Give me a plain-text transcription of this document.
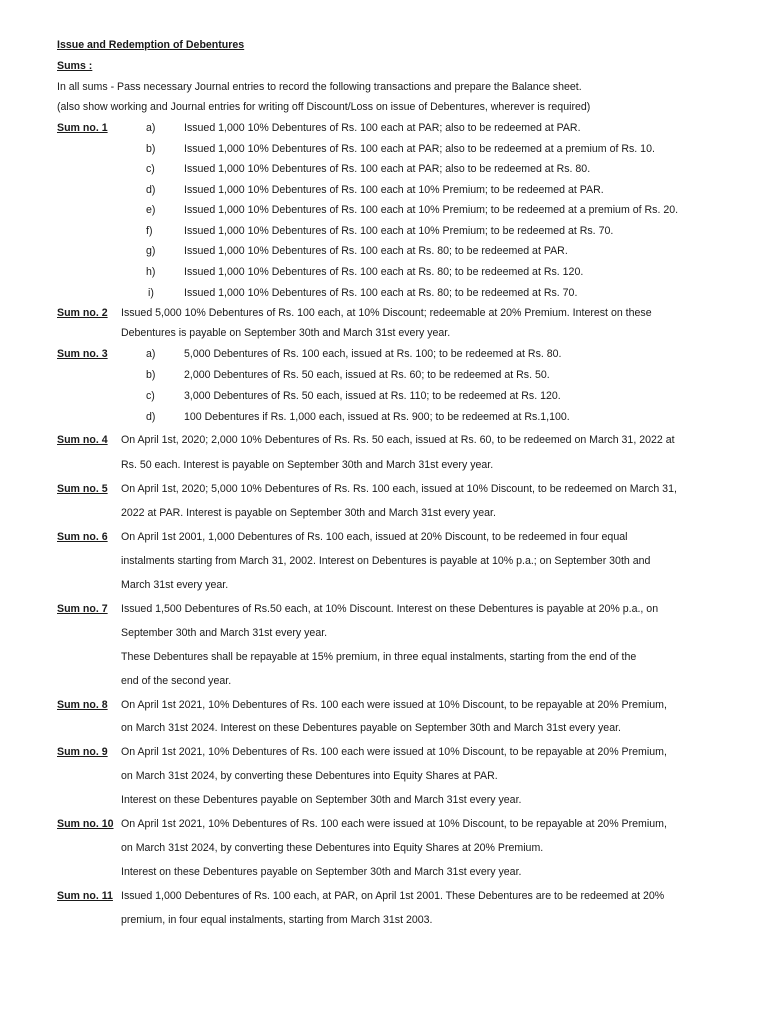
Issue and Redemption of Debentures
Sums :
In all sums - Pass necessary Journal entries to record the following transactions and prepare the Balance sheet.
(also show working and Journal entries for writing off Discount/Loss on issue of Debentures, wherever is required)
Sum no. 1	a)	Issued 1,000 10% Debentures of Rs. 100 each at PAR; also to be redeemed at PAR.
b)	Issued 1,000 10% Debentures of Rs. 100 each at PAR; also to be redeemed at a premium of Rs. 10.
c)	Issued 1,000 10% Debentures of Rs. 100 each at PAR; also to be redeemed at Rs. 80.
d)	Issued 1,000 10% Debentures of Rs. 100 each at 10% Premium; to be redeemed at PAR.
e)	Issued 1,000 10% Debentures of Rs. 100 each at 10% Premium; to be redeemed at a premium of Rs. 20.
f)	Issued 1,000 10% Debentures of Rs. 100 each at 10% Premium; to be redeemed at Rs. 70.
g)	Issued 1,000 10% Debentures of Rs. 100 each at Rs. 80; to be redeemed at PAR.
h)	Issued 1,000 10% Debentures of Rs. 100 each at Rs. 80; to be redeemed at Rs. 120.
i)	Issued 1,000 10% Debentures of Rs. 100 each at Rs. 80; to be redeemed at Rs. 70.
Sum no. 2 Issued 5,000 10% Debentures of Rs. 100 each, at 10% Discount; redeemable at 20% Premium. Interest on these
Debentures is payable on September 30th and March 31st every year.
Sum no. 3	a)	5,000 Debentures of Rs. 100 each, issued at Rs. 100; to be redeemed at Rs. 80.
b)	2,000 Debentures of Rs. 50 each, issued at Rs. 60; to be redeemed at Rs. 50.
c)	3,000 Debentures of Rs. 50 each, issued at Rs. 110; to be redeemed at Rs. 120.
d)	100 Debentures if Rs. 1,000 each, issued at Rs. 900; to be redeemed at Rs.1,100.
Sum no. 4 On April 1st, 2020; 2,000 10% Debentures of Rs. Rs. 50 each, issued at Rs. 60, to be redeemed on March 31, 2022 at
Rs. 50 each. Interest is payable on September 30th and March 31st every year.
Sum no. 5 On April 1st, 2020; 5,000 10% Debentures of Rs. Rs. 100 each, issued at 10% Discount, to be redeemed on March 31,
2022 at PAR. Interest is payable on September 30th and March 31st every year.
Sum no. 6 On April 1st 2001, 1,000 Debentures of Rs. 100 each, issued at 20% Discount, to be redeemed in four equal
instalments starting from March 31, 2002. Interest on Debentures is payable at 10% p.a.; on September 30th and
March 31st every year.
Sum no. 7 Issued 1,500 Debentures of Rs.50 each, at 10% Discount. Interest on these Debentures is payable at 20% p.a., on
September 30th and March 31st every year.
These Debentures shall be repayable at 15% premium, in three equal instalments, starting from the end of the
end of the second year.
Sum no. 8 On April 1st 2021, 10% Debentures of Rs. 100 each were issued at 10% Discount, to be repayable at 20% Premium,
on March 31st 2024. Interest on these Debentures payable on September 30th and March 31st every year.
Sum no. 9 On April 1st 2021, 10% Debentures of Rs. 100 each were issued at 10% Discount, to be repayable at 20% Premium,
on March 31st 2024, by converting these Debentures into Equity Shares at PAR.
Interest on these Debentures payable on September 30th and March 31st every year.
Sum no. 10 On April 1st 2021, 10% Debentures of Rs. 100 each were issued at 10% Discount, to be repayable at 20% Premium,
on March 31st 2024, by converting these Debentures into Equity Shares at 20% Premium.
Interest on these Debentures payable on September 30th and March 31st every year.
Sum no. 11 Issued 1,000 Debentures of Rs. 100 each, at PAR, on April 1st 2001. These Debentures are to be redeemed at 20%
premium, in four equal instalments, starting from March 31st 2003.
